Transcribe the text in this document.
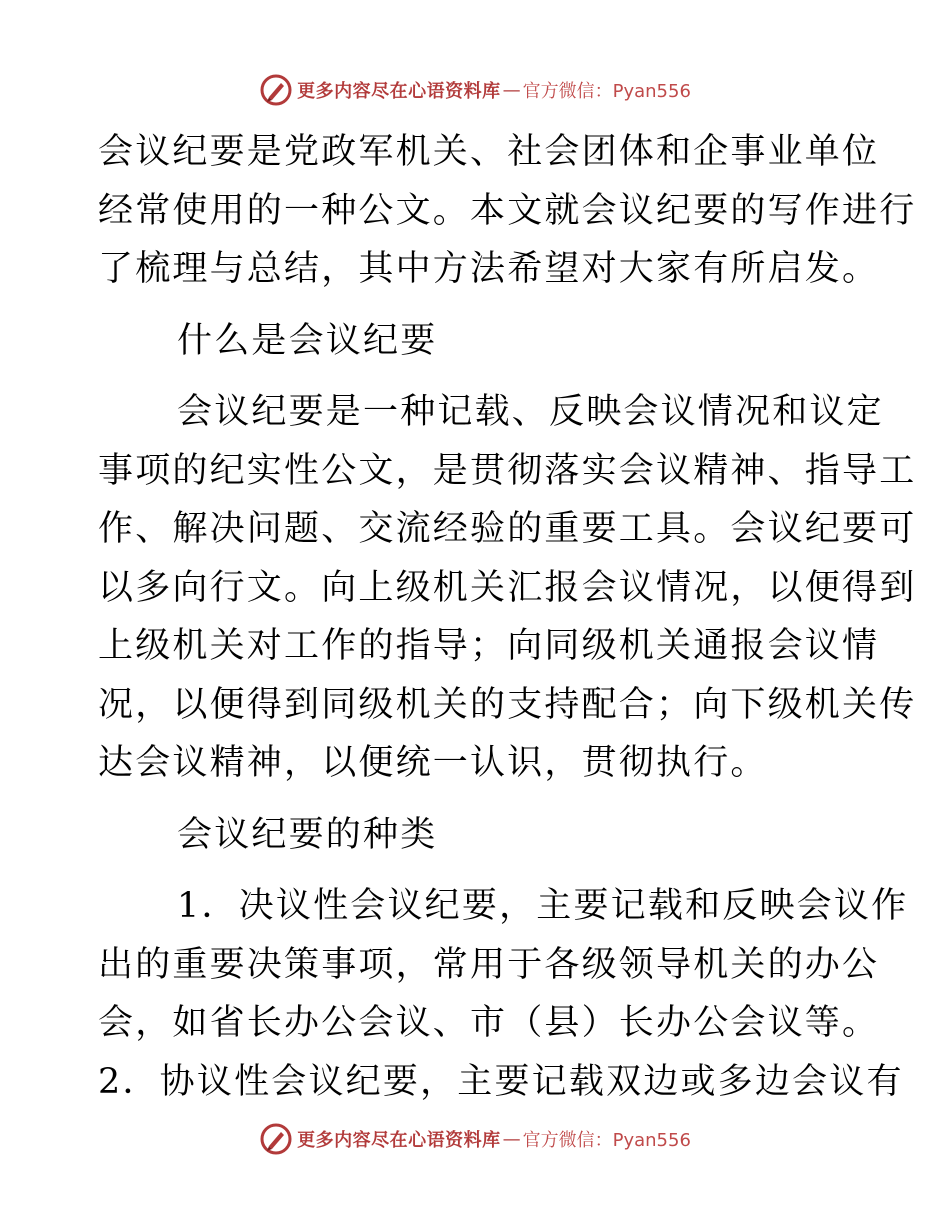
更多内容尽在心语资料库 — 官方微信：Pyan556
会议纪要是党政军机关、社会团体和企事业单位
经常使用的一种公文。本文就会议纪要的写作进行
了梳理与总结，其中方法希望对大家有所启发。
什么是会议纪要
会议纪要是一种记载、反映会议情况和议定
事项的纪实性公文，是贯彻落实会议精神、指导工
作、解决问题、交流经验的重要工具。会议纪要可
以多向行文。向上级机关汇报会议情况，以便得到
上级机关对工作的指导；向同级机关通报会议情
况，以便得到同级机关的支持配合；向下级机关传
达会议精神，以便统一认识，贯彻执行。
会议纪要的种类
1．决议性会议纪要，主要记载和反映会议作
出的重要决策事项，常用于各级领导机关的办公
会，如省长办公会议、市（县）长办公会议等。
2．协议性会议纪要，主要记载双边或多边会议有
更多内容尽在心语资料库 — 官方微信：Pyan556
